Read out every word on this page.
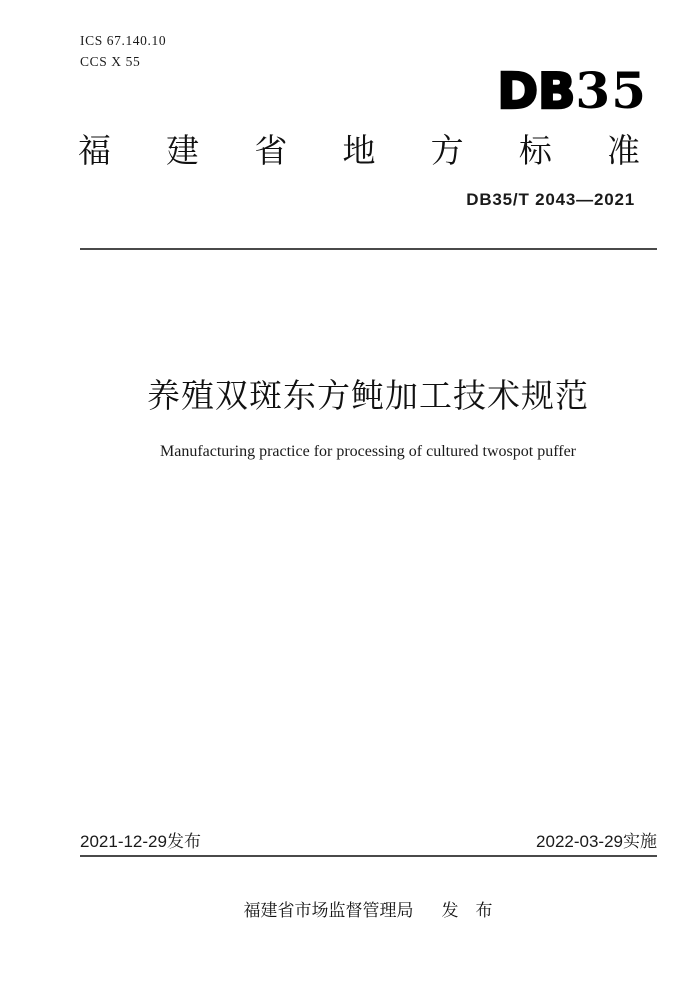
ICS 67.140.10
CCS X 55
DB35
福建省地方标准
DB35/T 2043—2021
养殖双斑东方鲀加工技术规范
Manufacturing practice for processing of cultured twospot puffer
2021-12-29发布	2022-03-29实施
福建省市场监督管理局 发　布
